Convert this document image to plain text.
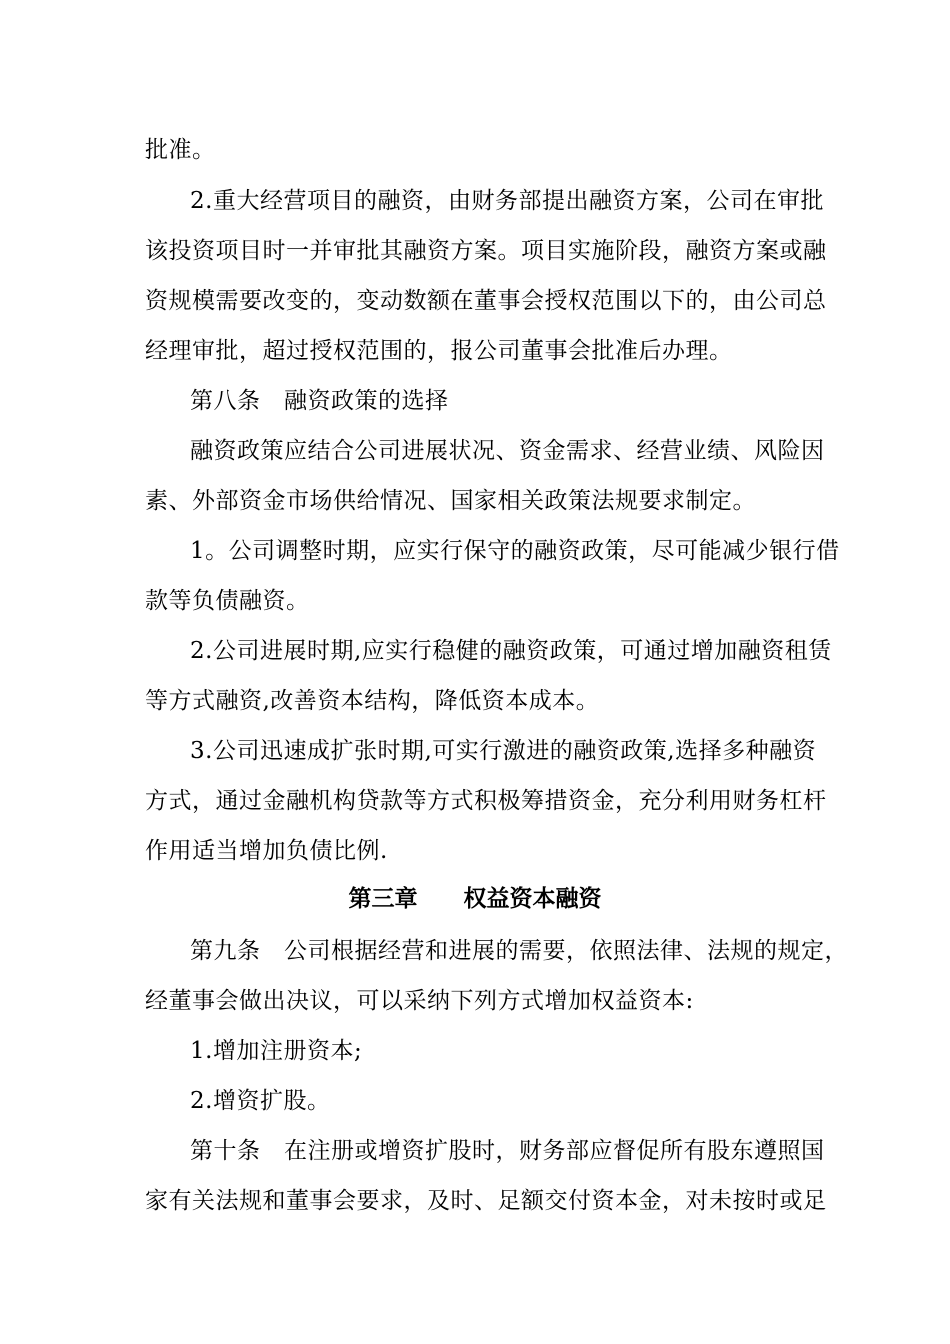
批准。
2.重大经营项目的融资，由财务部提出融资方案，公司在审批
该投资项目时一并审批其融资方案。项目实施阶段，融资方案或融
资规模需要改变的，变动数额在董事会授权范围以下的，由公司总
经理审批，超过授权范围的，报公司董事会批准后办理。
第八条　融资政策的选择
融资政策应结合公司进展状况、资金需求、经营业绩、风险因
素、外部资金市场供给情况、国家相关政策法规要求制定。
1。公司调整时期，应实行保守的融资政策，尽可能减少银行借
款等负债融资。
2.公司进展时期,应实行稳健的融资政策，可通过增加融资租赁
等方式融资,改善资本结构，降低资本成本。
3.公司迅速成扩张时期,可实行激进的融资政策,选择多种融资
方式，通过金融机构贷款等方式积极筹措资金，充分利用财务杠杆
作用适当增加负债比例.
第三章　　权益资本融资
第九条　公司根据经营和进展的需要，依照法律、法规的规定，
经董事会做出决议，可以采纳下列方式增加权益资本:
1.增加注册资本;
2.增资扩股。
第十条　在注册或增资扩股时，财务部应督促所有股东遵照国
家有关法规和董事会要求，及时、足额交付资本金，对未按时或足
